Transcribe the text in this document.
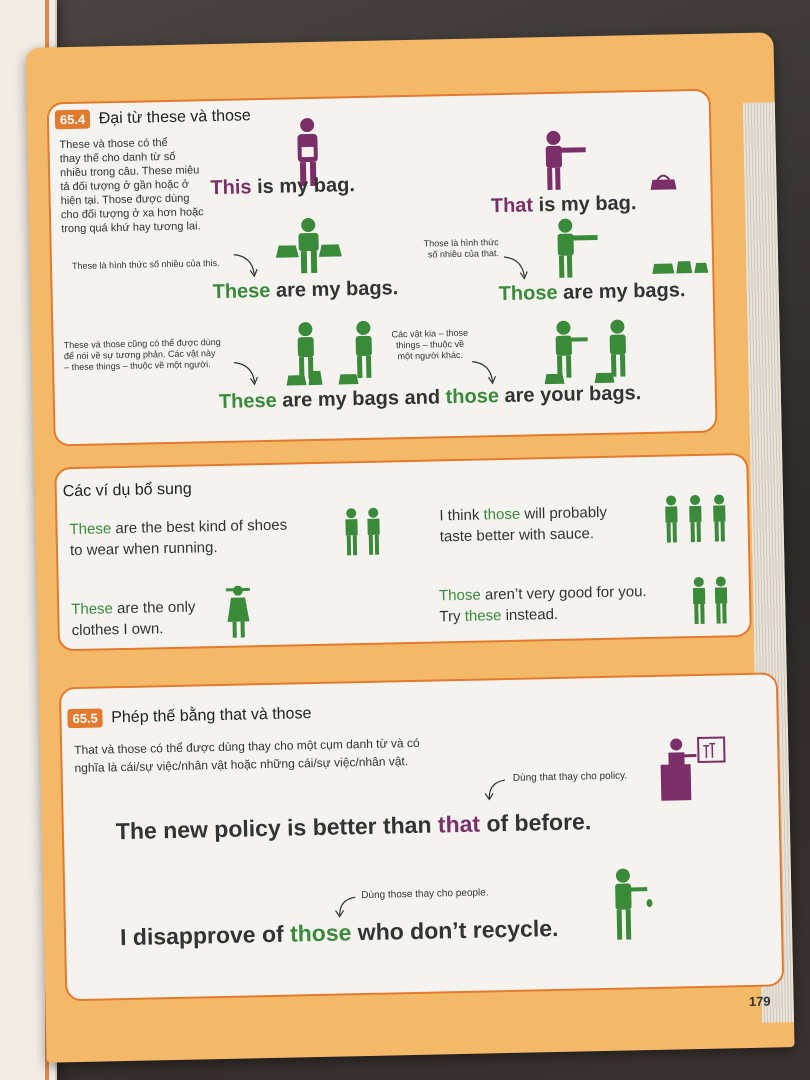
65.4 Đại từ these và those
These và those có thể
thay thế cho danh từ số
nhiều trong câu. These miêu
tả đối tượng ở gần hoặc ở
hiện tại. Those được dùng
cho đối tượng ở xa hơn hoặc
trong quá khứ hay tương lai.
This is my bag.
That is my bag.
These là hình thức số nhiều của this.
These are my bags.
Those là hình thức
số nhiều của that.
Those are my bags.
These và those cũng có thể được dùng
để nói về sự tương phản. Các vật này
– these things – thuộc về một người.
Các vật kia – those
things – thuộc về
một người khác.
These are my bags and those are your bags.
Các ví dụ bổ sung
These are the best kind of shoes
to wear when running.
I think those will probably
taste better with sauce.
These are the only
clothes I own.
Those aren’t very good for you.
Try these instead.
65.5 Phép thế bằng that và those
That và those có thể được dùng thay cho một cụm danh từ và có
nghĩa là cái/sự việc/nhân vật hoặc những cái/sự việc/nhân vật.
Dùng that thay cho policy.
The new policy is better than that of before.
Dùng those thay cho people.
I disapprove of those who don’t recycle.
179
